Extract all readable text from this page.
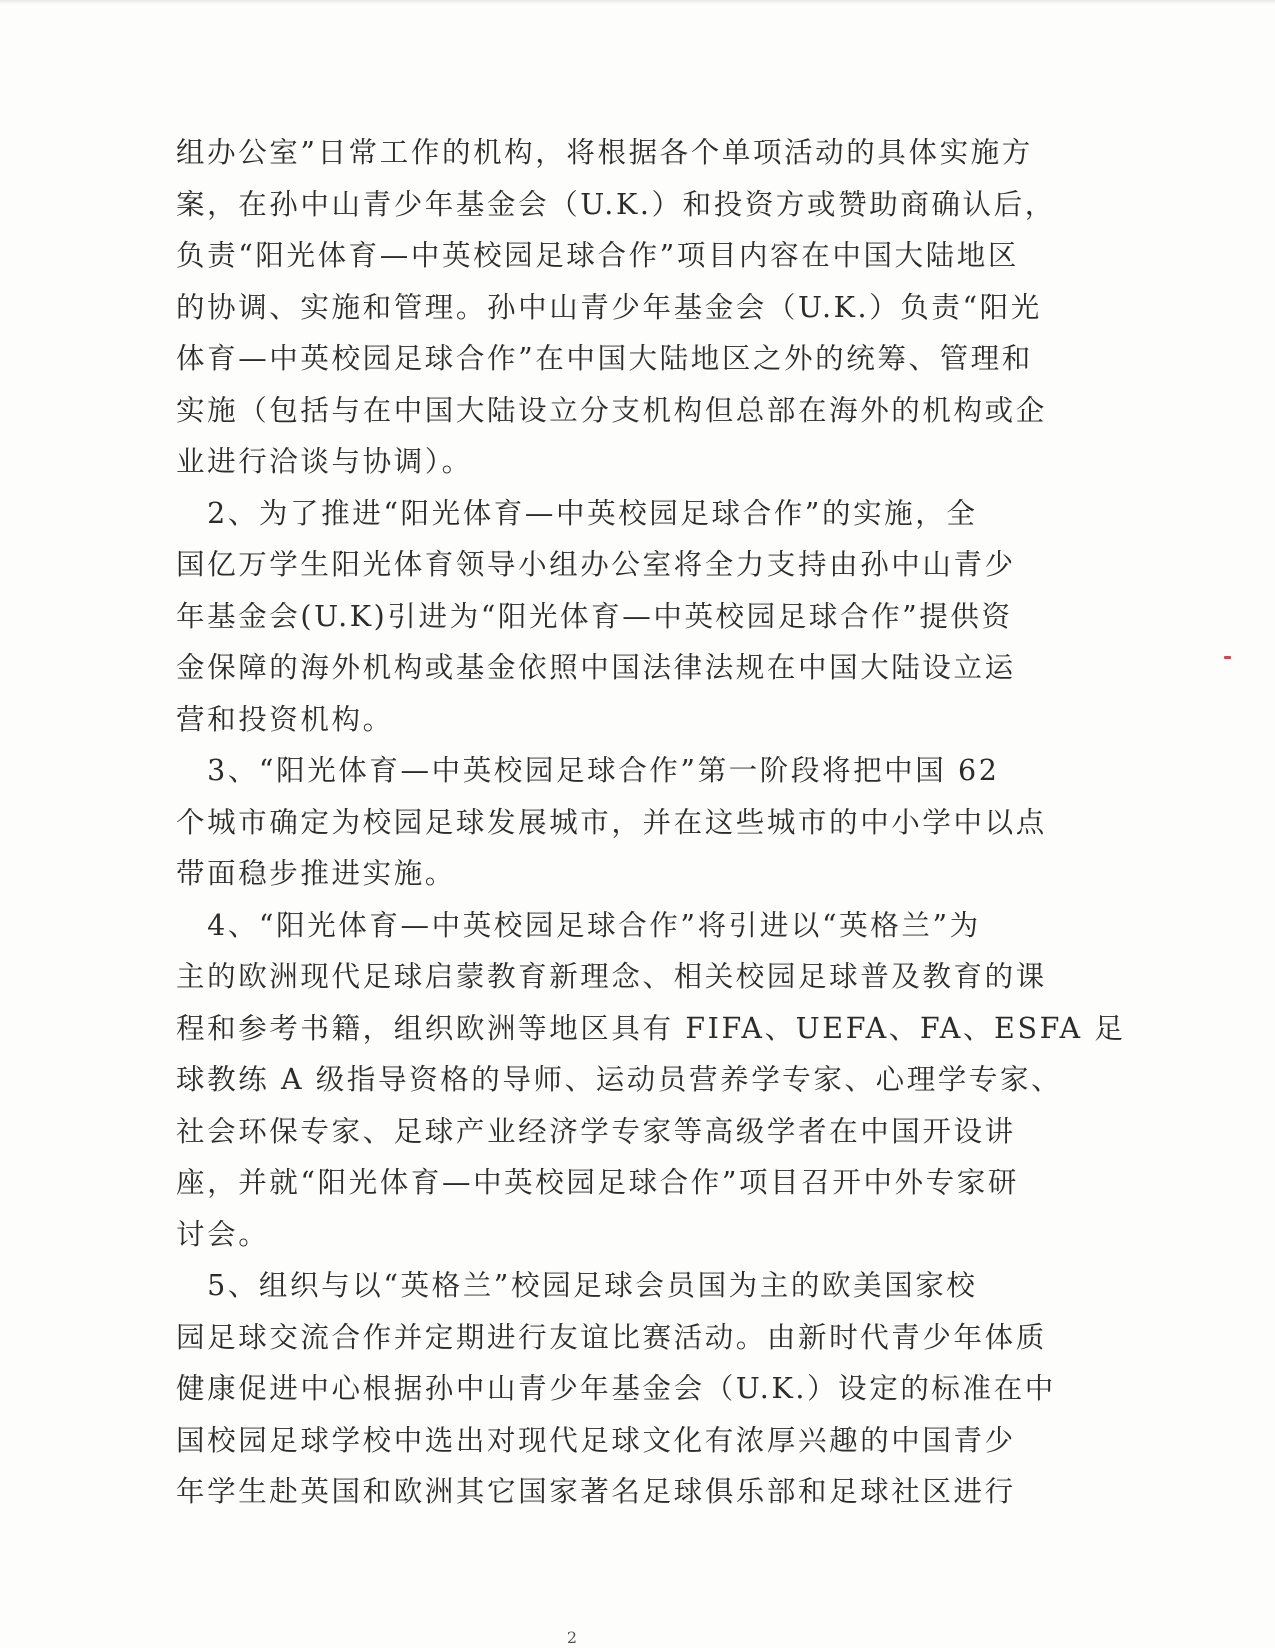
组办公室”日常工作的机构，将根据各个单项活动的具体实施方
案，在孙中山青少年基金会（U.K.）和投资方或赞助商确认后，
负责“阳光体育—中英校园足球合作”项目内容在中国大陆地区
的协调、实施和管理。孙中山青少年基金会（U.K.）负责“阳光
体育—中英校园足球合作”在中国大陆地区之外的统筹、管理和
实施（包括与在中国大陆设立分支机构但总部在海外的机构或企
业进行洽谈与协调）。
　2、为了推进“阳光体育—中英校园足球合作”的实施，全
国亿万学生阳光体育领导小组办公室将全力支持由孙中山青少
年基金会(U.K)引进为“阳光体育—中英校园足球合作”提供资
金保障的海外机构或基金依照中国法律法规在中国大陆设立运
营和投资机构。
　3、“阳光体育—中英校园足球合作”第一阶段将把中国 62
个城市确定为校园足球发展城市，并在这些城市的中小学中以点
带面稳步推进实施。
　4、“阳光体育—中英校园足球合作”将引进以“英格兰”为
主的欧洲现代足球启蒙教育新理念、相关校园足球普及教育的课
程和参考书籍，组织欧洲等地区具有 FIFA、UEFA、FA、ESFA 足
球教练 A 级指导资格的导师、运动员营养学专家、心理学专家、
社会环保专家、足球产业经济学专家等高级学者在中国开设讲
座，并就“阳光体育—中英校园足球合作”项目召开中外专家研
讨会。
　5、组织与以“英格兰”校园足球会员国为主的欧美国家校
园足球交流合作并定期进行友谊比赛活动。由新时代青少年体质
健康促进中心根据孙中山青少年基金会（U.K.）设定的标准在中
国校园足球学校中选出对现代足球文化有浓厚兴趣的中国青少
年学生赴英国和欧洲其它国家著名足球俱乐部和足球社区进行
2
